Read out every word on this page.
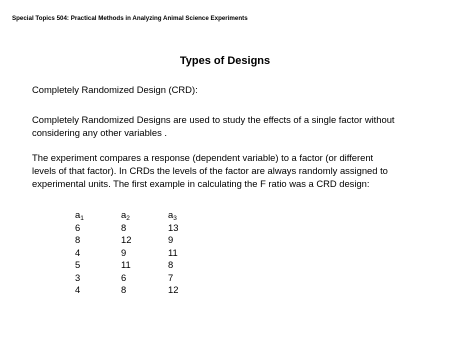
Special Topics 504: Practical Methods in Analyzing Animal Science Experiments
Types of Designs
Completely Randomized Design (CRD):
Completely Randomized Designs are used to study the effects of a single factor without
considering any other variables .
The experiment compares a response (dependent variable) to a factor (or different
levels of that factor). In CRDs the levels of the factor are always randomly assigned to
experimental units. The first example in calculating the F ratio was a CRD design:
$a_1$	$a_2$	$a_3$
6	8	13
8	12	9
4	9	11
5	11	8
3	6	7
4	8	12
